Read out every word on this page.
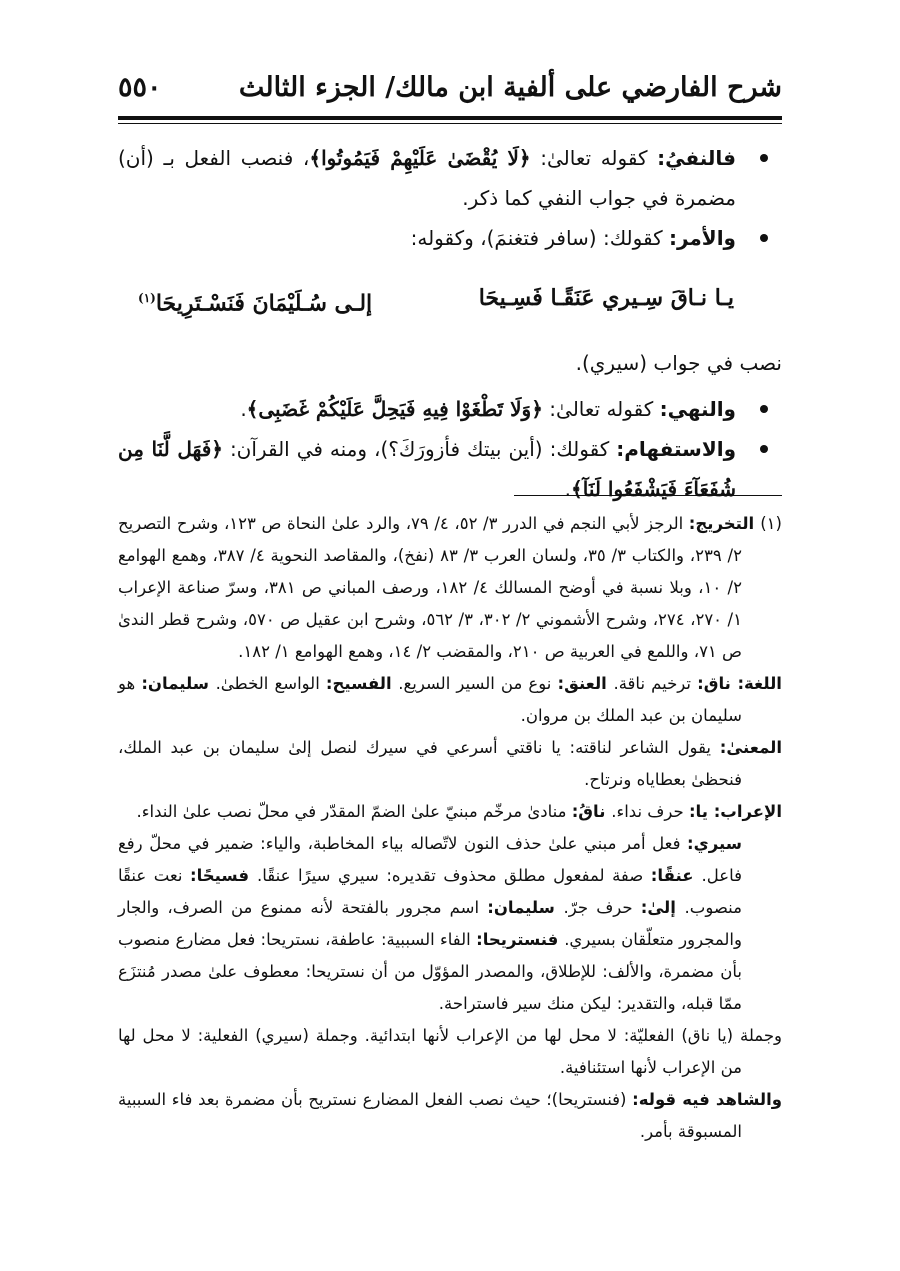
شرح الفارضي على ألفية ابن مالك/ الجزء الثالث
٥٥٠
فالنفيُ: كقوله تعالىٰ: ﴿لَا يُقْضَىٰ عَلَيْهِمْ فَيَمُوتُوا﴾، فنصب الفعل بـ (أن) مضمرة في جواب النفي كما ذكر.
والأمر: كقولك: (سافر فتغنمَ)، وكقوله:
يـا نـاقَ سِـيري عَنَقًـا فَسِـيحَا
إلـى سُـلَيْمَانَ فَنَسْـتَرِيحَا$^{(١)}$
نصب في جواب (سيري).
والنهي: كقوله تعالىٰ: ﴿وَلَا تَطْغَوْا فِيهِ فَيَحِلَّ عَلَيْكُمْ غَضَبِى﴾.
والاستفهام: كقولك: (أين بيتك فأزورَكَ؟)، ومنه في القرآن: ﴿فَهَل لَّنَا مِن شُفَعَآءَ فَيَشْفَعُوا لَنَآ﴾.
(١)التخريج: الرجز لأبي النجم في الدرر ٣/ ٥٢، ٤/ ٧٩، والرد علىٰ النحاة ص ١٢٣، وشرح التصريح ٢/ ٢٣٩، والكتاب ٣/ ٣٥، ولسان العرب ٣/ ٨٣ (نفخ)، والمقاصد النحوية ٤/ ٣٨٧، وهمع الهوامع ٢/ ١٠، وبلا نسبة في أوضح المسالك ٤/ ١٨٢، ورصف المباني ص ٣٨١، وسرّ صناعة الإعراب ١/ ٢٧٠، ٢٧٤، وشرح الأشموني ٢/ ٣٠٢، ٣/ ٥٦٢، وشرح ابن عقيل ص ٥٧٠، وشرح قطر الندىٰ ص ٧١، واللمع في العربية ص ٢١٠، والمقضب ٢/ ١٤، وهمع الهوامع ١/ ١٨٢.
اللغة: ناق: ترخيم ناقة. العنق: نوع من السير السريع. الفسيح: الواسع الخطىٰ. سليمان: هو سليمان بن عبد الملك بن مروان.
المعنىٰ: يقول الشاعر لناقته: يا ناقتي أسرعي في سيرك لنصل إلىٰ سليمان بن عبد الملك، فنحظىٰ بعطاياه ونرتاح.
الإعراب: يا: حرف نداء. ناقُ: منادىٰ مرخّم مبنيّ علىٰ الضمّ المقدّر في محلّ نصب علىٰ النداء.
سيري: فعل أمر مبني علىٰ حذف النون لاتّصاله بياء المخاطبة، والياء: ضمير في محلّ رفع فاعل. عنقًا: صفة لمفعول مطلق محذوف تقديره: سيري سيرًا عنقًا. فسيحًا: نعت عنقًا منصوب. إلىٰ: حرف جرّ. سليمان: اسم مجرور بالفتحة لأنه ممنوع من الصرف، والجار والمجرور متعلّقان بسيري. فنستريحا: الفاء السببية: عاطفة، نستريحا: فعل مضارع منصوب بأن مضمرة، والألف: للإطلاق، والمصدر المؤوّل من أن نستريحا: معطوف علىٰ مصدر مُنتزَع ممّا قبله، والتقدير: ليكن منك سير فاستراحة.
وجملة (يا ناق) الفعليّة: لا محل لها من الإعراب لأنها ابتدائية. وجملة (سيري) الفعلية: لا محل لها من الإعراب لأنها استئنافية.
والشاهد فيه قوله: (فنستريحا)؛ حيث نصب الفعل المضارع نستريح بأن مضمرة بعد فاء السببية المسبوقة بأمر.
